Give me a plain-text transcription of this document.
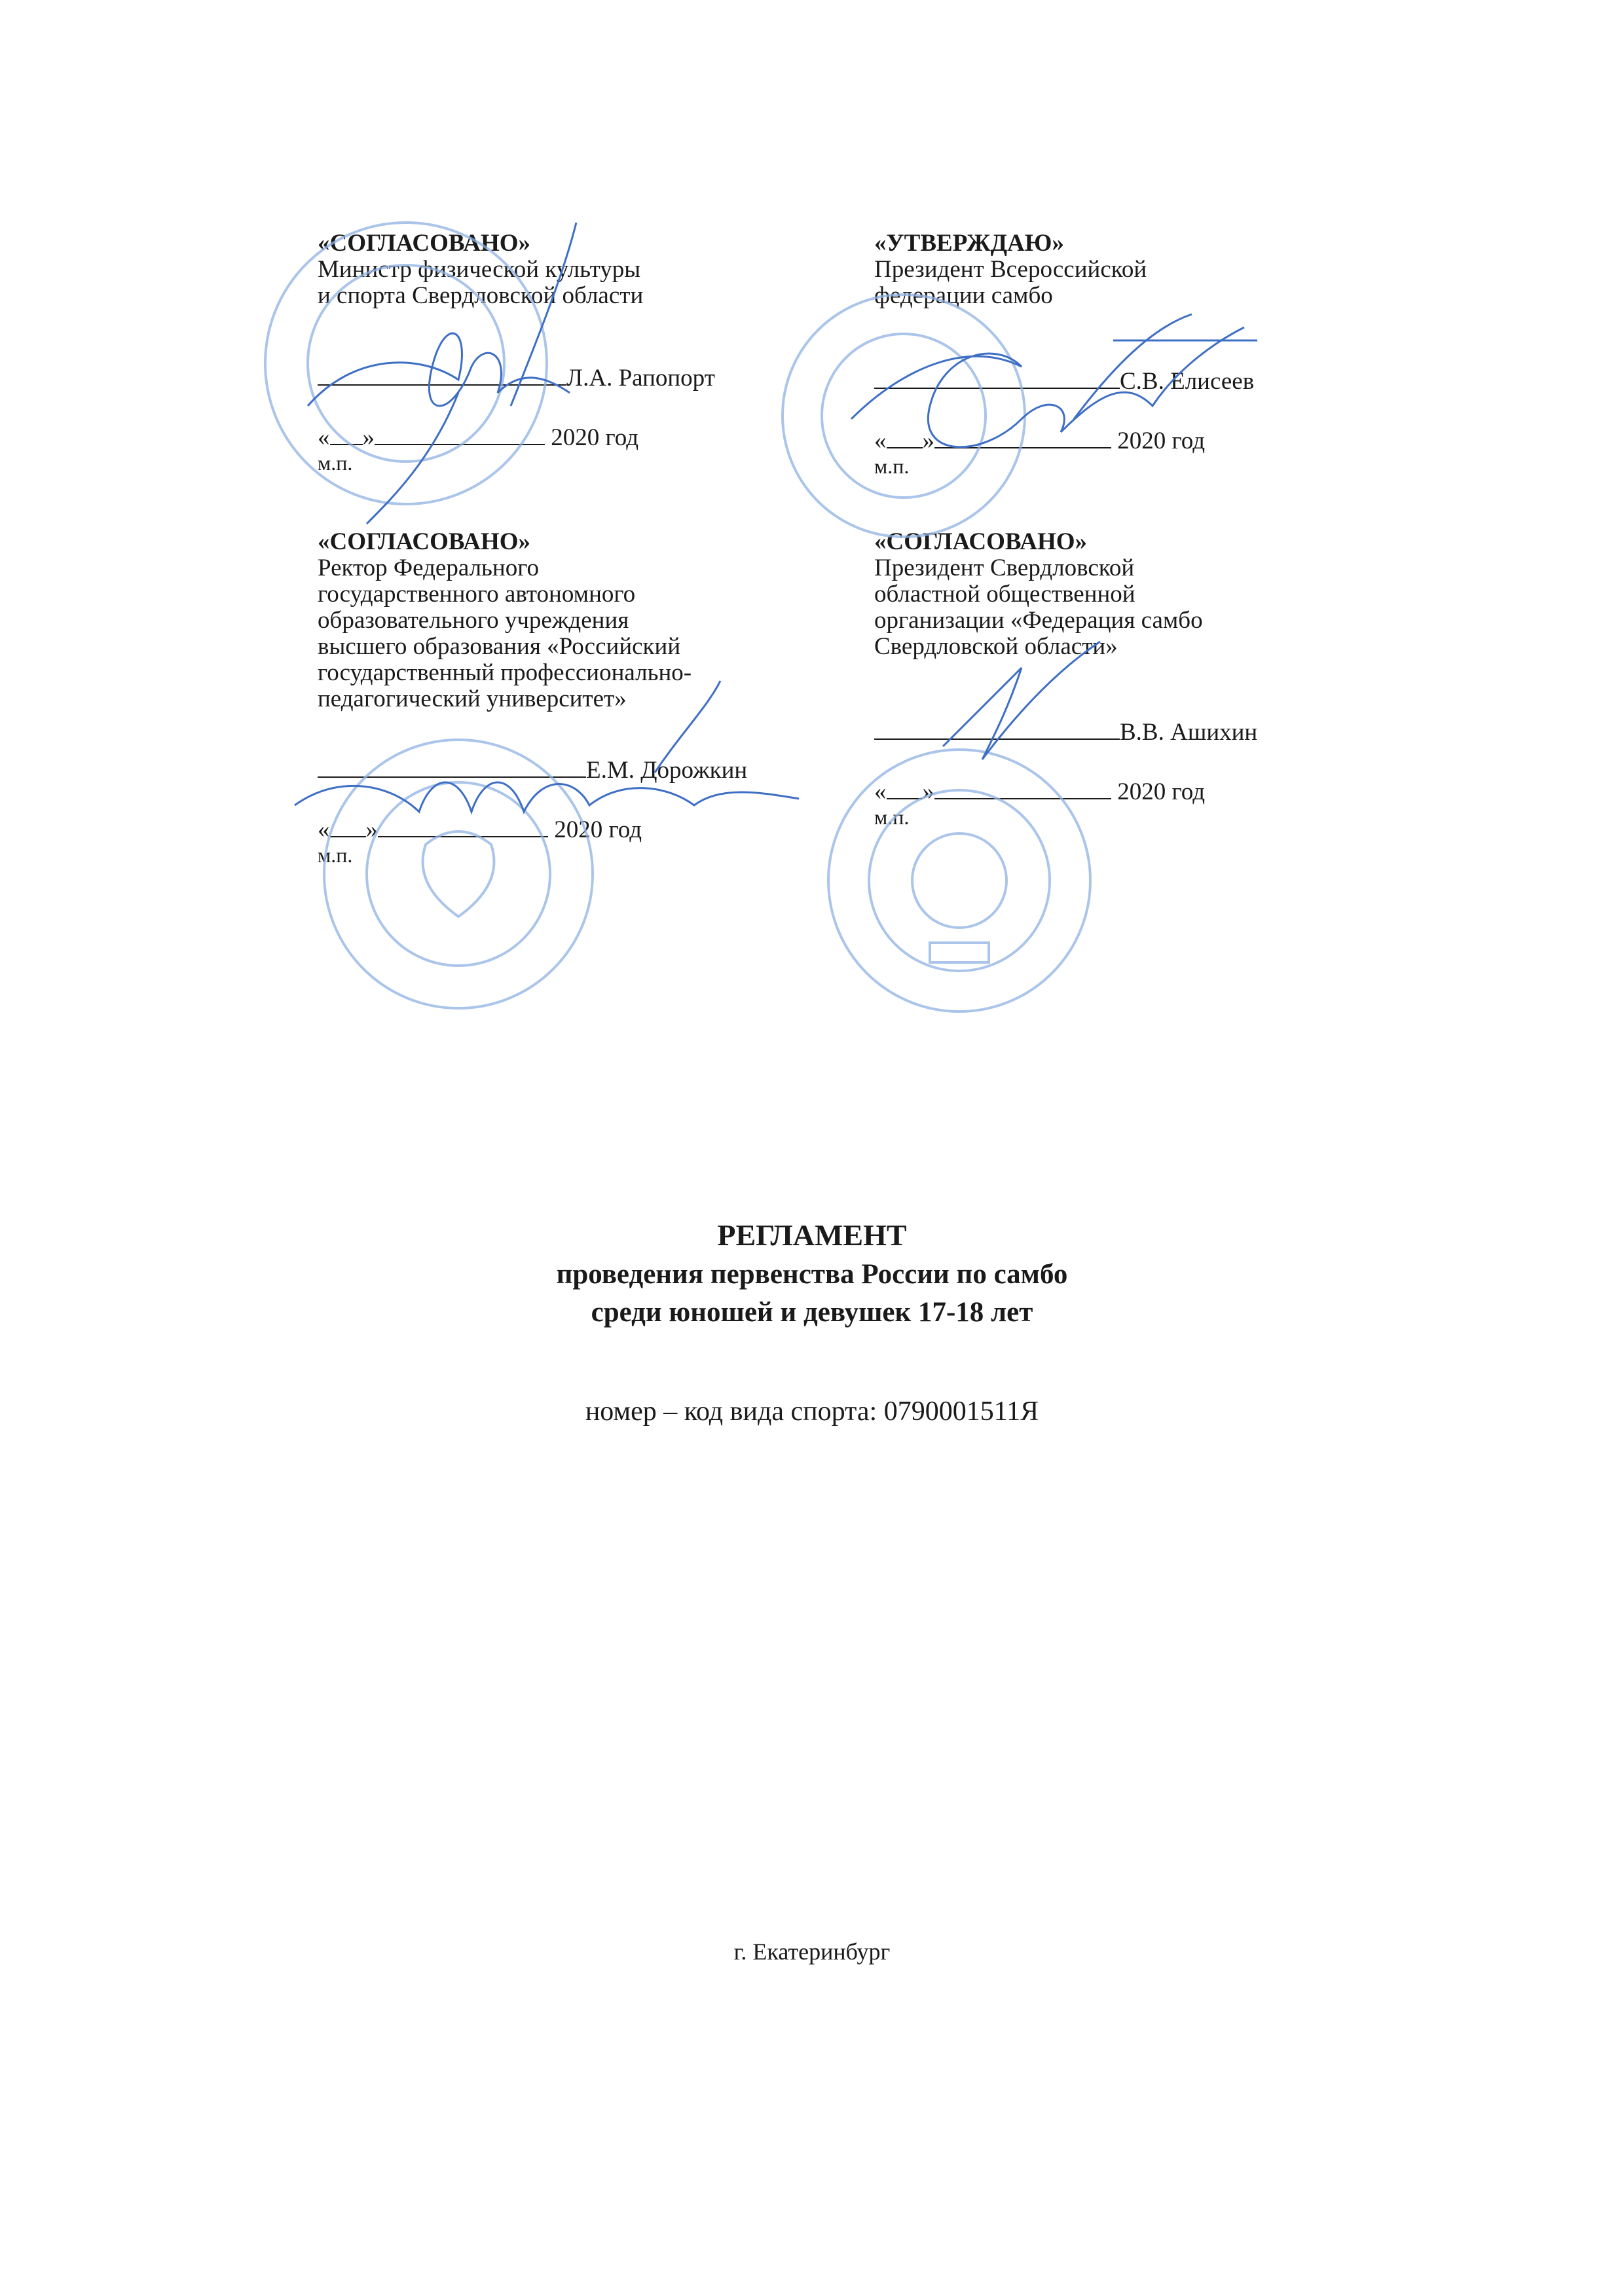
«СОГЛАСОВАНО»
Министр физической культуры
и спорта Свердловской области
Л.А. Рапопорт
« »	2020 год
м.п.
«УТВЕРЖДАЮ»
Президент Всероссийской
федерации самбо
С.В. Елисеев
« »	2020 год
м.п.
«СОГЛАСОВАНО»
Ректор Федерального
государственного автономного
образовательного учреждения
высшего образования «Российский
государственный профессионально-
педагогический университет»
Е.М. Дорожкин
« »	2020 год
м.п.
«СОГЛАСОВАНО»
Президент Свердловской
областной общественной
организации «Федерация самбо
Свердловской области»
В.В. Ашихин
« »	2020 год
м.п.
РЕГЛАМЕНТ
проведения первенства России по самбо
среди юношей и девушек 17-18 лет
номер – код вида спорта: 0790001511Я
г. Екатеринбург
